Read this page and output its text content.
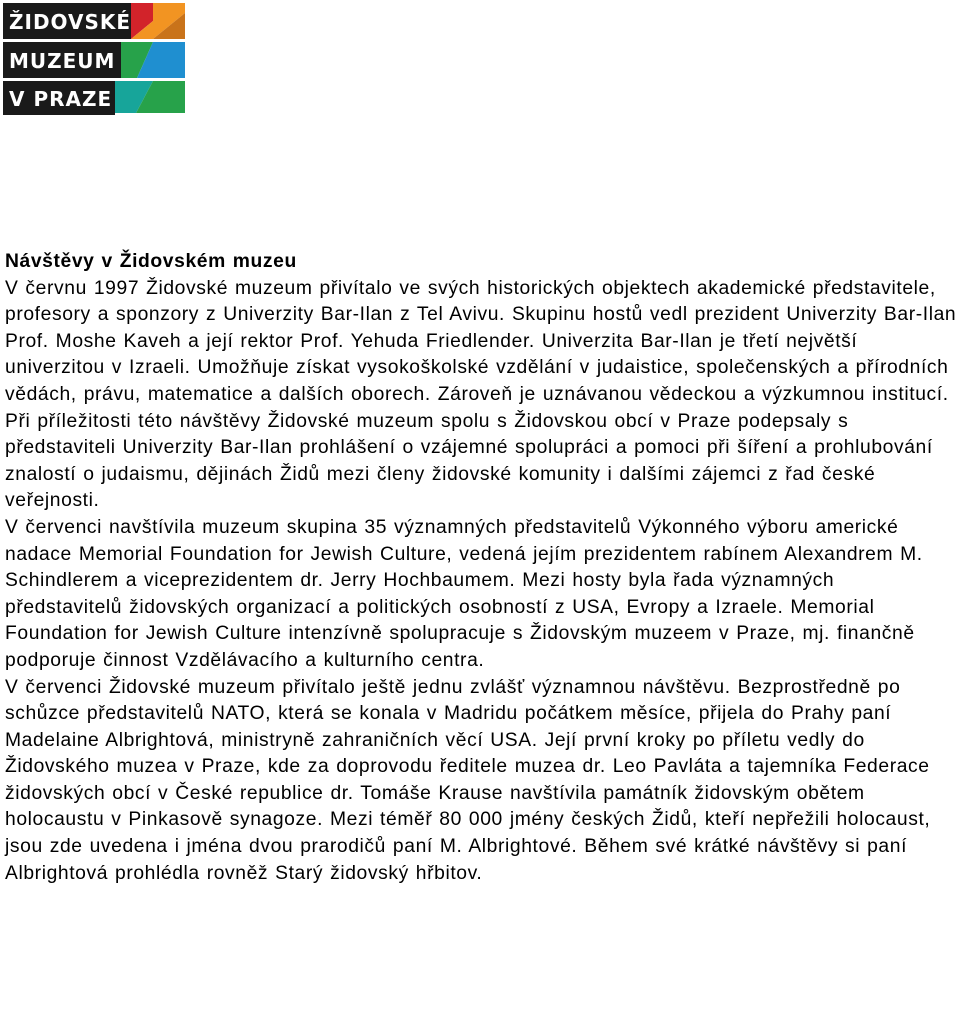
ŽIDOVSKÉ
MUZEUM
V PRAZE
Návštěvy v Židovském muzeu

V červnu 1997 Židovské muzeum přivítalo ve svých historických objektech akademické představitele, profesory a sponzory z Univerzity Bar-Ilan z Tel Avivu. Skupinu hostů vedl prezident Univerzity Bar-Ilan Prof. Moshe Kaveh a její rektor Prof. Yehuda Friedlender. Univerzita Bar-Ilan je třetí největší univerzitou v Izraeli. Umožňuje získat vysokoškolské vzdělání v judaistice, společenských a přírodních vědách, právu, matematice a dalších oborech. Zároveň je uznávanou vědeckou a výzkumnou institucí. Při příležitosti této návštěvy Židovské muzeum spolu s Židovskou obcí v Praze podepsaly s představiteli Univerzity Bar-Ilan prohlášení o vzájemné spolupráci a pomoci při šíření a prohlubování znalostí o judaismu, dějinách Židů mezi členy židovské komunity i dalšími zájemci z řad české veřejnosti.

V červenci navštívila muzeum skupina 35 významných představitelů Výkonného výboru americké nadace Memorial Foundation for Jewish Culture, vedená jejím prezidentem rabínem Alexandrem M. Schindlerem a viceprezidentem dr. Jerry Hochbaumem. Mezi hosty byla řada významných představitelů židovských organizací a politických osobností z USA, Evropy a Izraele. Memorial Foundation for Jewish Culture intenzívně spolupracuje s Židovským muzeem v Praze, mj. finančně podporuje činnost Vzdělávacího a kulturního centra.

V červenci Židovské muzeum přivítalo ještě jednu zvlášť významnou návštěvu. Bezprostředně po schůzce představitelů NATO, která se konala v Madridu počátkem měsíce, přijela do Prahy paní Madelaine Albrightová, ministryně zahraničních věcí USA. Její první kroky po příletu vedly do Židovského muzea v Praze, kde za doprovodu ředitele muzea dr. Leo Pavláta a tajemníka Federace židovských obcí v České republice dr. Tomáše Krause navštívila památník židovským obětem holocaustu v Pinkasově synagoze. Mezi téměř 80 000 jmény českých Židů, kteří nepřežili holocaust, jsou zde uvedena i jména dvou prarodičů paní M. Albrightové. Během své krátké návštěvy si paní Albrightová prohlédla rovněž Starý židovský hřbitov.
